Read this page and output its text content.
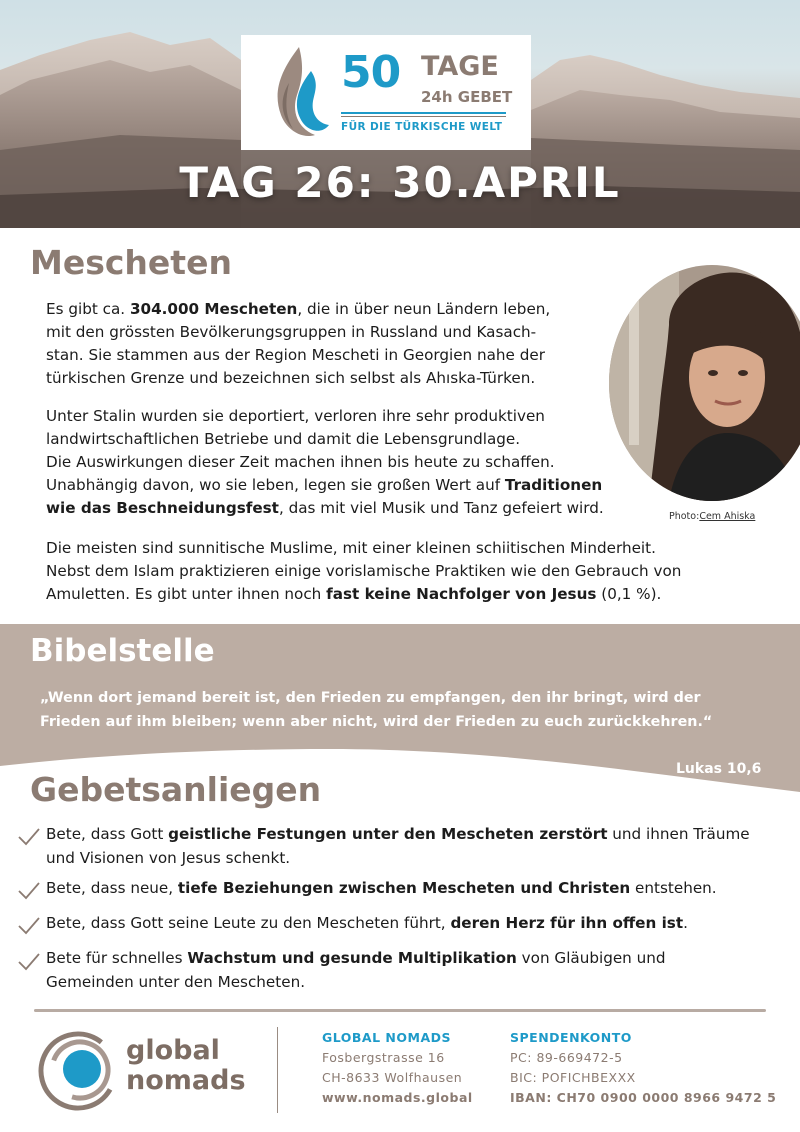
50 TAGE
24h GEBET
FÜR DIE TÜRKISCHE WELT
TAG 26: 30.APRIL
Mescheten
Es gibt ca. 304.000 Mescheten, die in über neun Ländern leben,
mit den grössten Bevölkerungsgruppen in Russland und Kasach-
stan. Sie stammen aus der Region Mescheti in Georgien nahe der
türkischen Grenze und bezeichnen sich selbst als Ahıska-Türken.
Unter Stalin wurden sie deportiert, verloren ihre sehr produktiven
landwirtschaftlichen Betriebe und damit die Lebensgrundlage.
Die Auswirkungen dieser Zeit machen ihnen bis heute zu schaffen.
Unabhängig davon, wo sie leben, legen sie großen Wert auf Traditionen
wie das Beschneidungsfest, das mit viel Musik und Tanz gefeiert wird.
Die meisten sind sunnitische Muslime, mit einer kleinen schiitischen Minderheit.
Nebst dem Islam praktizieren einige vorislamische Praktiken wie den Gebrauch von
Amuletten. Es gibt unter ihnen noch fast keine Nachfolger von Jesus (0,1 %).
Photo:Cem Ahiska
Bibelstelle
„Wenn dort jemand bereit ist, den Frieden zu empfangen, den ihr bringt, wird der
Frieden auf ihm bleiben; wenn aber nicht, wird der Frieden zu euch zurückkehren.“
Lukas 10,6
Gebetsanliegen
Bete, dass Gott geistliche Festungen unter den Mescheten zerstört und ihnen Träume
und Visionen von Jesus schenkt.
Bete, dass neue, tiefe Beziehungen zwischen Mescheten und Christen entstehen.
Bete, dass Gott seine Leute zu den Mescheten führt, deren Herz für ihn offen ist.
Bete für schnelles Wachstum und gesunde Multiplikation von Gläubigen und
Gemeinden unter den Mescheten.
global
nomads
GLOBAL NOMADS
Fosbergstrasse 16
CH-8633 Wolfhausen
www.nomads.global
SPENDENKONTO
PC: 89-669472-5
BIC: POFICHBEXXX
IBAN: CH70 0900 0000 8966 9472 5
